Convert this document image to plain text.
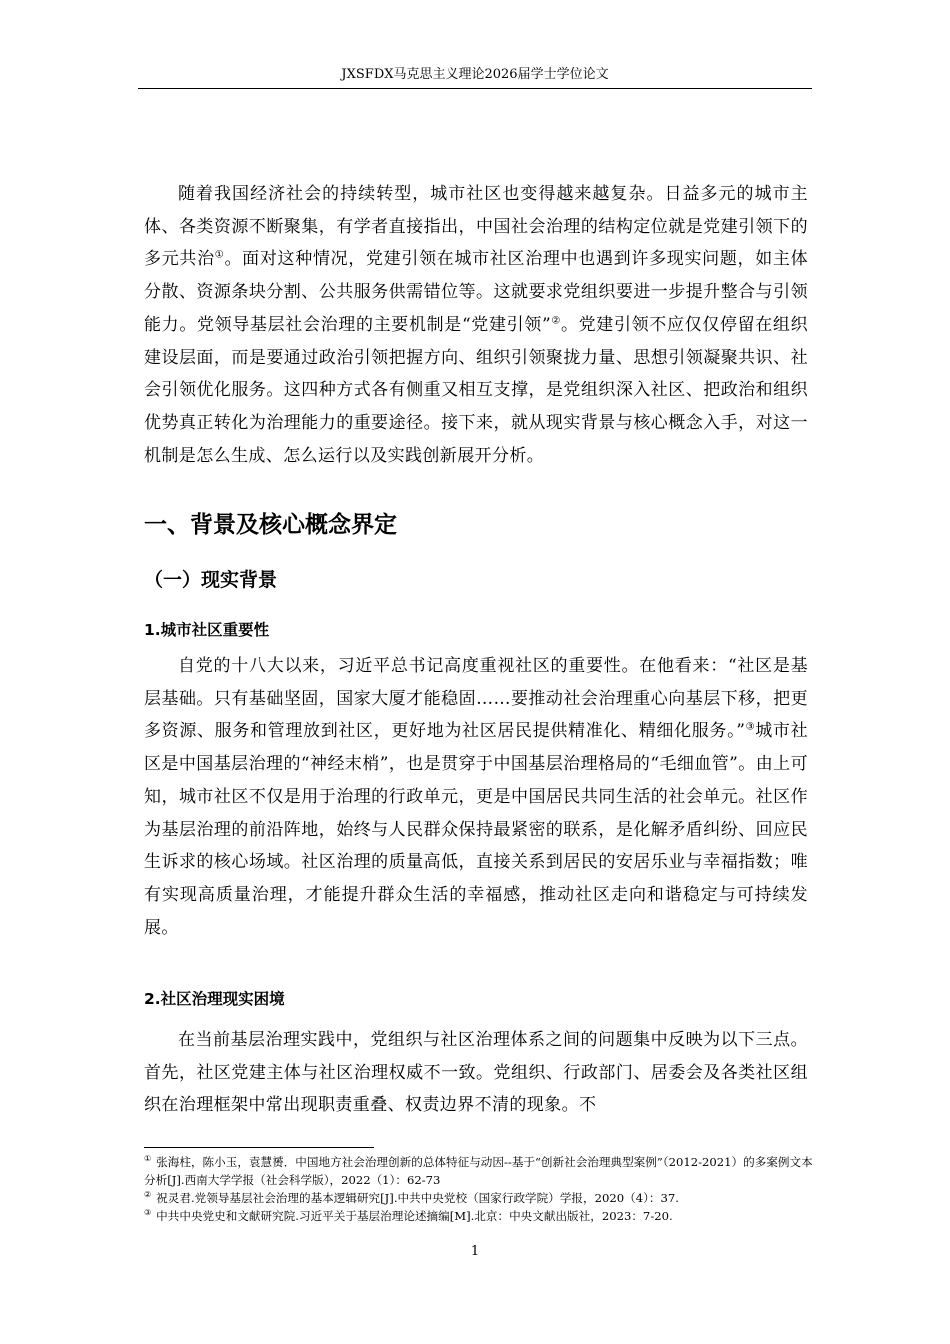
JXSFDX马克思主义理论2026届学士学位论文

随着我国经济社会的持续转型，城市社区也变得越来越复杂。日益多元的城市主体、各类资源不断聚集，有学者直接指出，中国社会治理的结构定位就是党建引领下的多元共治①。面对这种情况，党建引领在城市社区治理中也遇到许多现实问题，如主体分散、资源条块分割、公共服务供需错位等。这就要求党组织要进一步提升整合与引领能力。党领导基层社会治理的主要机制是“党建引领”②。党建引领不应仅仅停留在组织建设层面，而是要通过政治引领把握方向、组织引领聚拢力量、思想引领凝聚共识、社会引领优化服务。这四种方式各有侧重又相互支撑，是党组织深入社区、把政治和组织优势真正转化为治理能力的重要途径。接下来，就从现实背景与核心概念入手，对这一机制是怎么生成、怎么运行以及实践创新展开分析。

一、背景及核心概念界定
（一）现实背景
1.城市社区重要性

自党的十八大以来，习近平总书记高度重视社区的重要性。在他看来：“社区是基层基础。只有基础坚固，国家大厦才能稳固……要推动社会治理重心向基层下移，把更多资源、服务和管理放到社区，更好地为社区居民提供精准化、精细化服务。”③城市社区是中国基层治理的“神经末梢”，也是贯穿于中国基层治理格局的“毛细血管”。由上可知，城市社区不仅是用于治理的行政单元，更是中国居民共同生活的社会单元。社区作为基层治理的前沿阵地，始终与人民群众保持最紧密的联系，是化解矛盾纠纷、回应民生诉求的核心场域。社区治理的质量高低，直接关系到居民的安居乐业与幸福指数；唯有实现高质量治理，才能提升群众生活的幸福感，推动社区走向和谐稳定与可持续发展。

2.社区治理现实困境

在当前基层治理实践中，党组织与社区治理体系之间的问题集中反映为以下三点。首先，社区党建主体与社区治理权威不一致。党组织、行政部门、居委会及各类社区组织在治理框架中常出现职责重叠、权责边界不清的现象。不

① 张海柱，陈小玉，袁慧赟．中国地方社会治理创新的总体特征与动因--基于“创新社会治理典型案例”（2012-2021）的多案例文本分析[J].西南大学学报（社会科学版），2022（1）：62-73

② 祝灵君.党领导基层社会治理的基本逻辑研究[J].中共中央党校（国家行政学院）学报，2020（4）：37.

③ 中共中央党史和文献研究院.习近平关于基层治理论述摘编[M].北京：中央文献出版社，2023：7-20.

1
